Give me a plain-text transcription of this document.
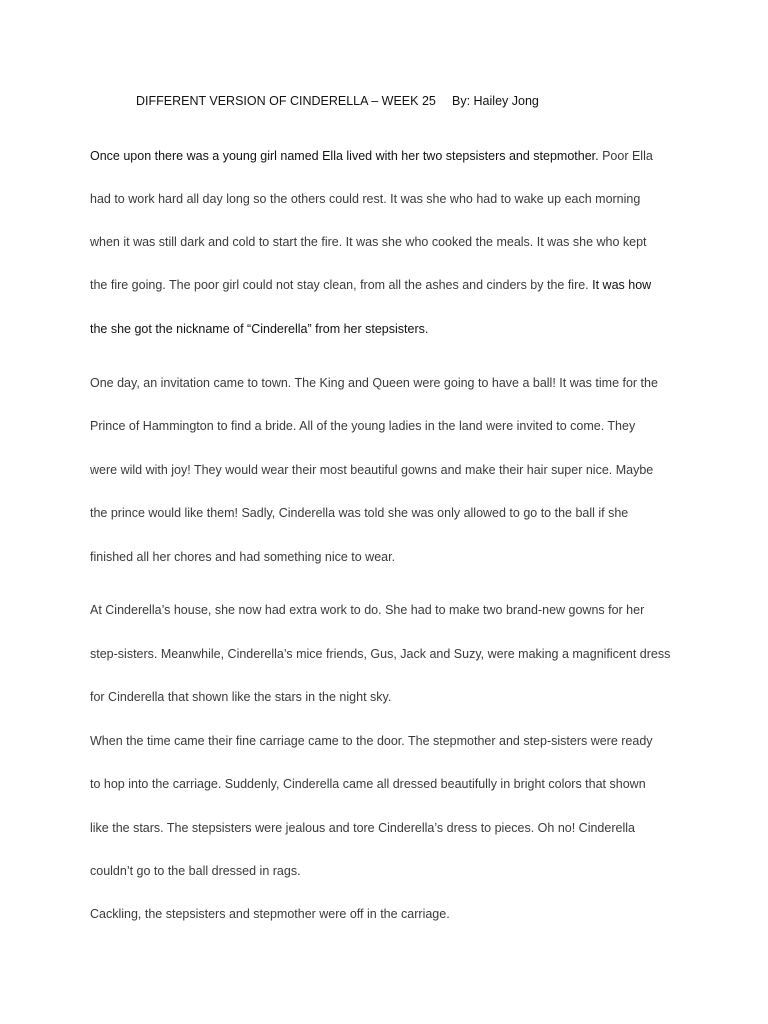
DIFFERENT VERSION OF CINDERELLA – WEEK 25 By: Hailey Jong
Once upon there was a young girl named Ella lived with her two stepsisters and stepmother. Poor Ella
had to work hard all day long so the others could rest. It was she who had to wake up each morning
when it was still dark and cold to start the fire. It was she who cooked the meals. It was she who kept
the fire going. The poor girl could not stay clean, from all the ashes and cinders by the fire. It was how
the she got the nickname of “Cinderella” from her stepsisters.
One day, an invitation came to town. The King and Queen were going to have a ball! It was time for the
Prince of Hammington to find a bride. All of the young ladies in the land were invited to come. They
were wild with joy! They would wear their most beautiful gowns and make their hair super nice. Maybe
the prince would like them! Sadly, Cinderella was told she was only allowed to go to the ball if she
finished all her chores and had something nice to wear.
At Cinderella’s house, she now had extra work to do. She had to make two brand-new gowns for her
step-sisters. Meanwhile, Cinderella’s mice friends, Gus, Jack and Suzy, were making a magnificent dress
for Cinderella that shown like the stars in the night sky.
When the time came their fine carriage came to the door. The stepmother and step-sisters were ready
to hop into the carriage. Suddenly, Cinderella came all dressed beautifully in bright colors that shown
like the stars. The stepsisters were jealous and tore Cinderella’s dress to pieces. Oh no! Cinderella
couldn’t go to the ball dressed in rags.
Cackling, the stepsisters and stepmother were off in the carriage.
